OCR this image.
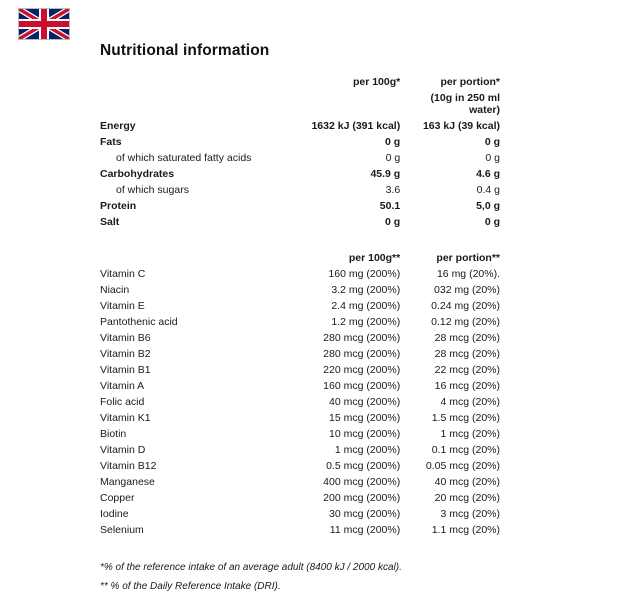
Nutritional information
	per 100g*	per portion*
		(10g in 250 ml water)
Energy	1632 kJ (391 kcal)	163 kJ (39 kcal)
Fats	0 g	0 g
of which saturated fatty acids	0 g	0 g
Carbohydrates	45.9 g	4.6 g
of which sugars	3.6	0.4 g
Protein	50.1	5,0 g
Salt	0 g	0 g

	per 100g**	per portion**
Vitamin C	160 mg (200%)	16 mg (20%).
Niacin	3.2 mg (200%)	032 mg (20%)
Vitamin E	2.4 mg (200%)	0.24 mg (20%)
Pantothenic acid	1.2 mg (200%)	0.12 mg (20%)
Vitamin B6	280 mcg (200%)	28 mcg (20%)
Vitamin B2	280 mcg (200%)	28 mcg (20%)
Vitamin B1	220 mcg (200%)	22 mcg (20%)
Vitamin A	160 mcg (200%)	16 mcg (20%)
Folic acid	40 mcg (200%)	4 mcg (20%)
Vitamin K1	15 mcg (200%)	1.5 mcg (20%)
Biotin	10 mcg (200%)	1 mcg (20%)
Vitamin D	1 mcg (200%)	0.1 mcg (20%)
Vitamin B12	0.5 mcg (200%)	0.05 mcg (20%)
Manganese	400 mcg (200%)	40 mcg (20%)
Copper	200 mcg (200%)	20 mcg (20%)
Iodine	30 mcg (200%)	3 mcg (20%)
Selenium	11 mcg (200%)	1.1 mcg (20%)
*% of the reference intake of an average adult (8400 kJ / 2000 kcal).
** % of the Daily Reference Intake (DRI).
